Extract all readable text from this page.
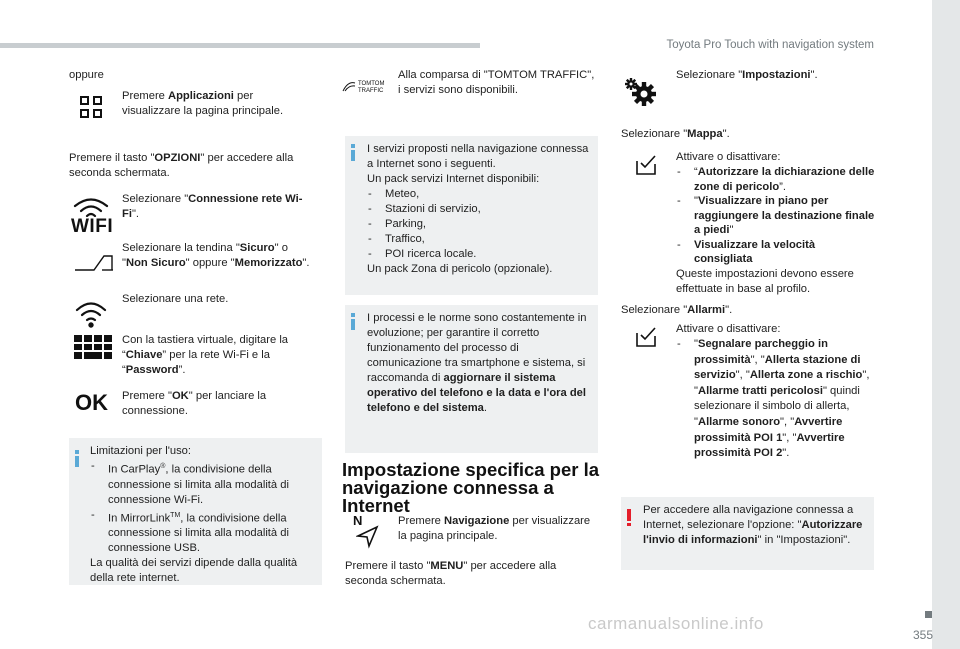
Toyota Pro Touch with navigation system
355
carmanualsonline.info
oppure
Premere Applicazioni per visualizzare la pagina principale.
Premere il tasto "OPZIONI" per accedere alla seconda schermata.
WIFI
Selezionare "Connessione rete Wi-Fi".
Selezionare la tendina "Sicuro" o "Non Sicuro" oppure "Memorizzato".
Selezionare una rete.
Con la tastiera virtuale, digitare la “Chiave” per la rete Wi-Fi e la “Password”.
OK Premere "OK" per lanciare la connessione.
Limitazioni per l'uso:
- In CarPlay®, la condivisione della connessione si limita alla modalità di connessione Wi-Fi.
- In MirrorLink™, la condivisione della connessione si limita alla modalità di connessione USB.
La qualità dei servizi dipende dalla qualità della rete internet.
TOMTOM
TRAFFIC
Alla comparsa di "TOMTOM TRAFFIC", i servizi sono disponibili.
I servizi proposti nella navigazione connessa a Internet sono i seguenti.
Un pack servizi Internet disponibili:
- Meteo,
- Stazioni di servizio,
- Parking,
- Traffico,
- POI ricerca locale.
Un pack Zona di pericolo (opzionale).
I processi e le norme sono costantemente in evoluzione; per garantire il corretto funzionamento del processo di comunicazione tra smartphone e sistema, si raccomanda di aggiornare il sistema operativo del telefono e la data e l'ora del telefono e del sistema.
Impostazione specifica per la navigazione connessa a Internet
N	Premere Navigazione per visualizzare la pagina principale.
Premere il tasto "MENU" per accedere alla seconda schermata.
Selezionare "Impostazioni".
Selezionare "Mappa".
Attivare o disattivare:
- “Autorizzare la dichiarazione delle zone di pericolo”.
- "Visualizzare in piano per raggiungere la destinazione finale a piedi"
- Visualizzare la velocità consigliata
Queste impostazioni devono essere effettuate in base al profilo.
Selezionare "Allarmi".
Attivare o disattivare:
- "Segnalare parcheggio in prossimità", "Allerta stazione di servizio", "Allerta zone a rischio", "Allarme tratti pericolosi" quindi selezionare il simbolo di allerta, "Allarme sonoro", "Avvertire prossimità POI 1", "Avvertire prossimità POI 2".
Per accedere alla navigazione connessa a Internet, selezionare l'opzione: "Autorizzare l'invio di informazioni" in "Impostazioni".
